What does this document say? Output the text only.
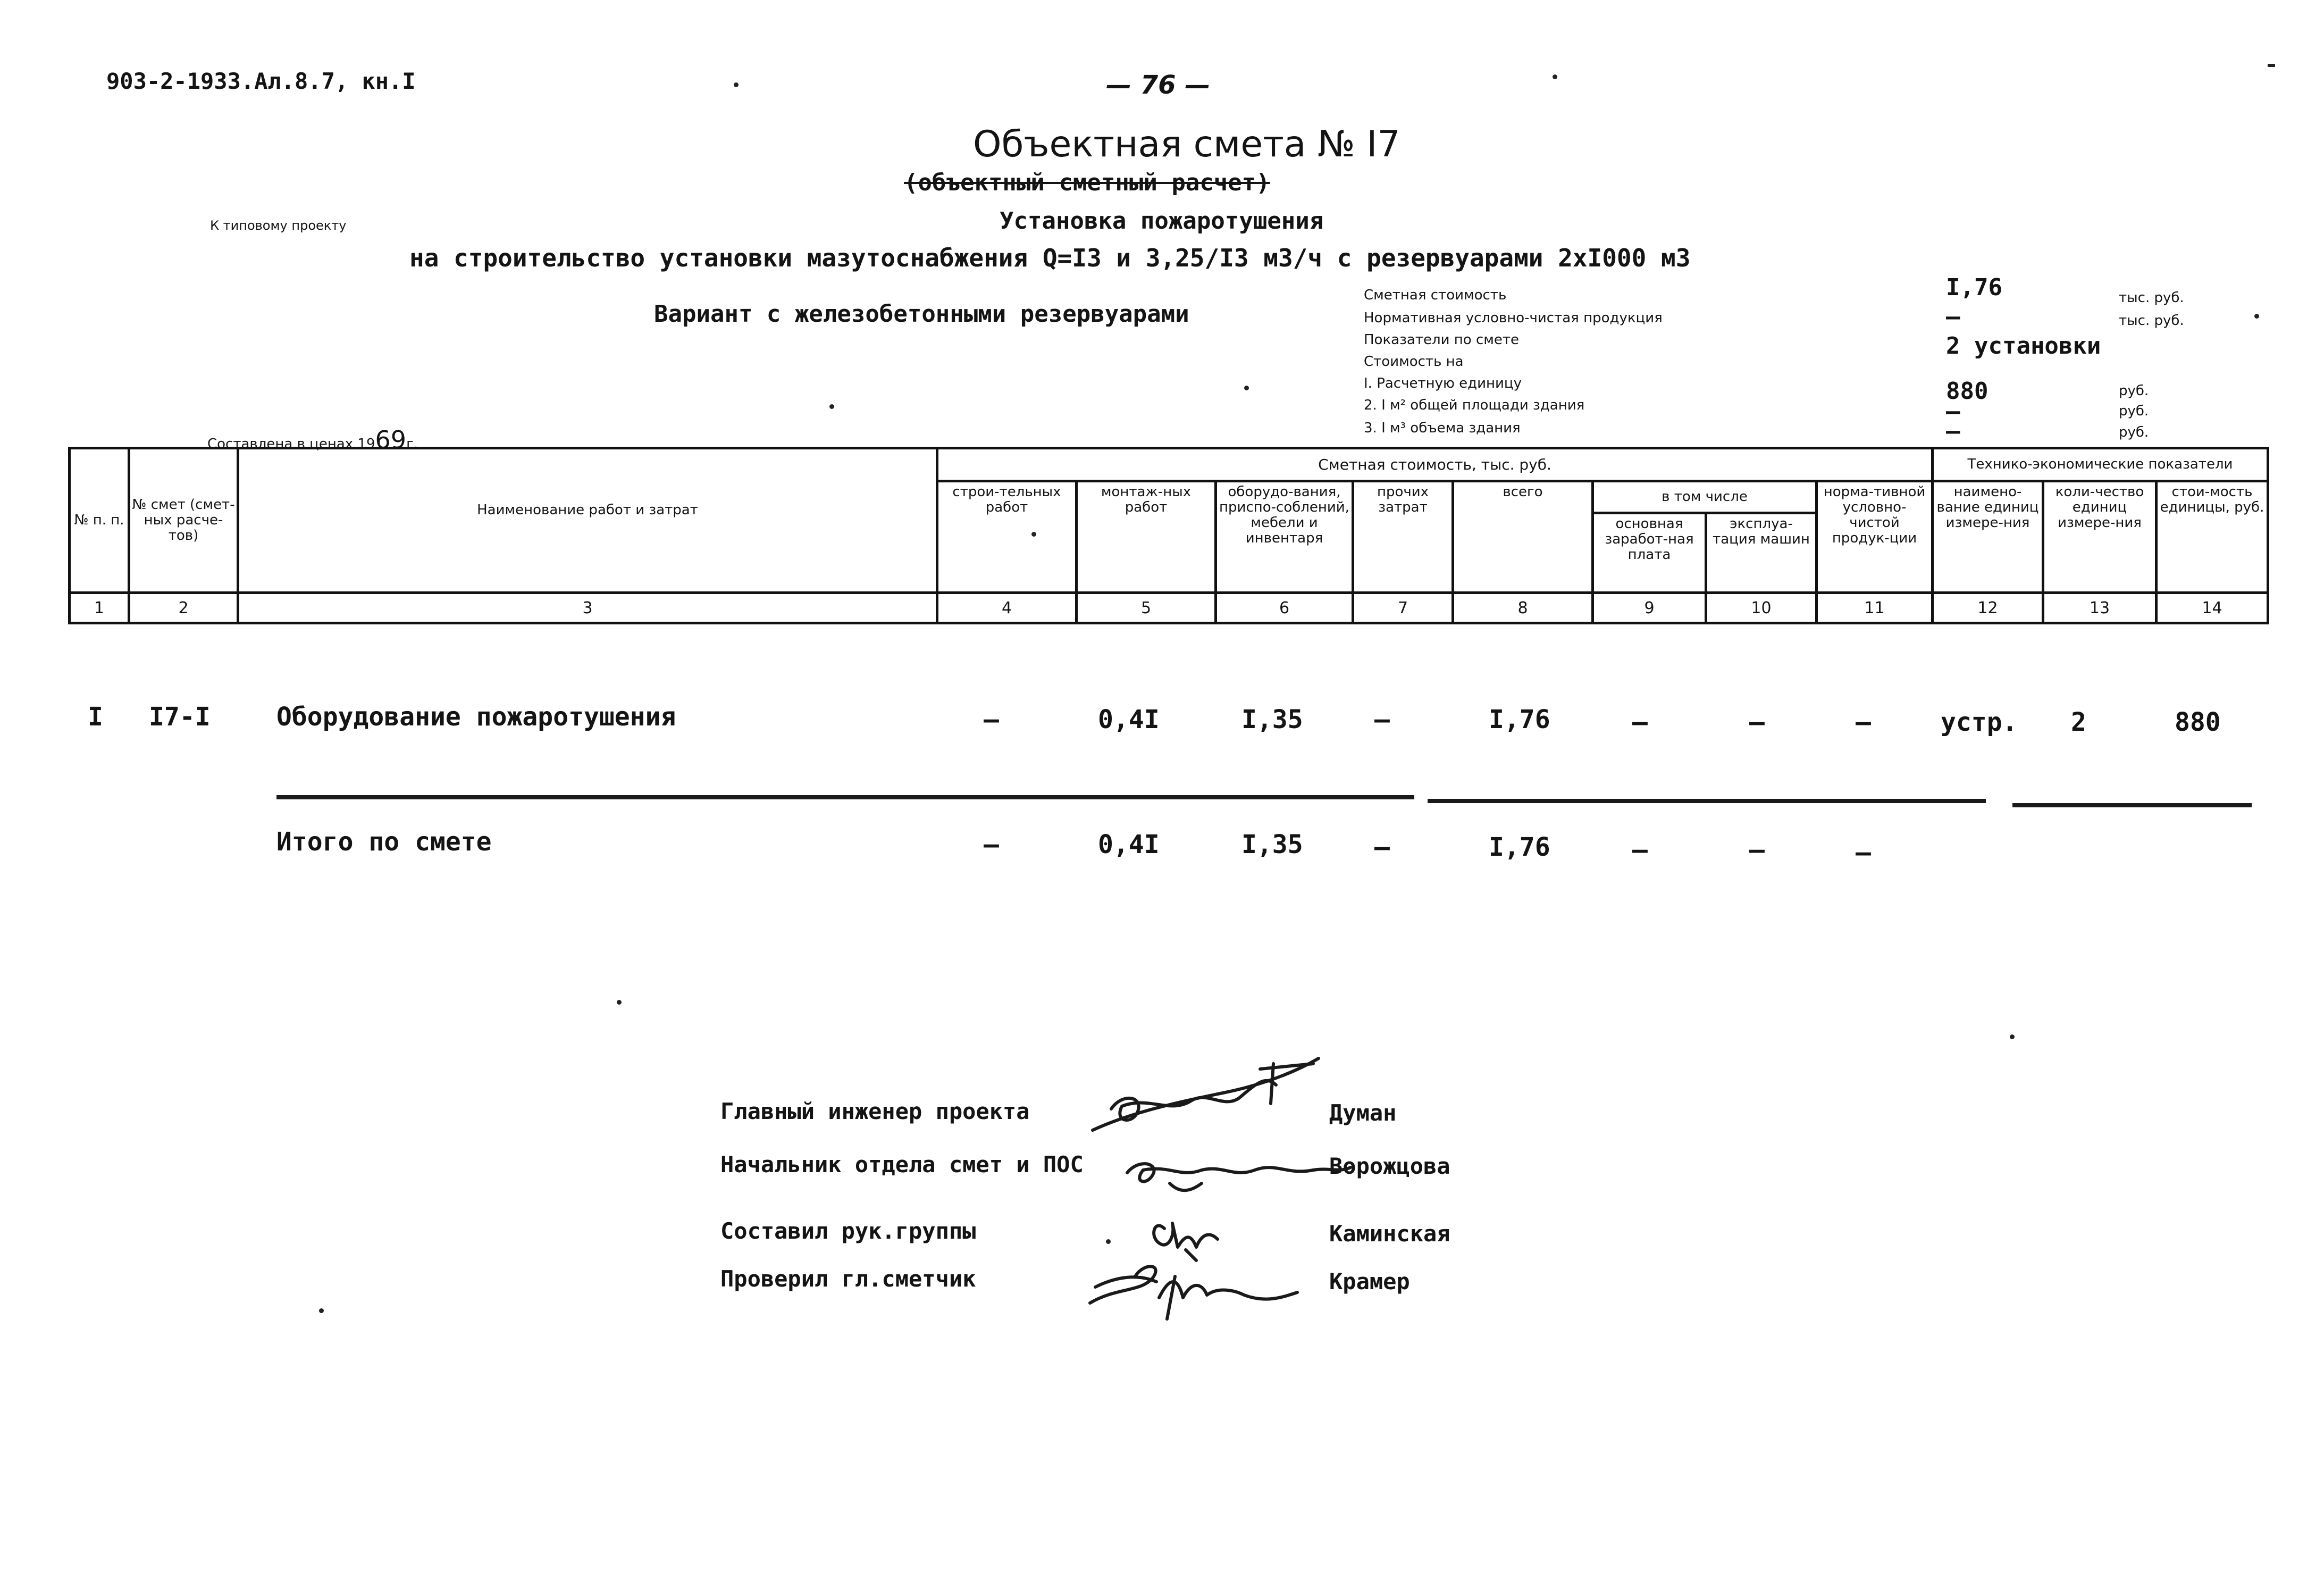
903-2-1933.Ал.8.7, кн.I	— 76 —
Объектная смета № I7
(объектный сметный расчет)
К типовому проекту	Установка пожаротушения
на строительство установки мазутоснабжения Q=I3 и 3,25/I3 м3/ч с резервуарами 2хI000 м3
Вариант с железобетонными резервуарами
Составлена в ценах 1969г.
Сметная стоимость	I,76	тыс. руб.
Нормативная условно-чистая продукция	—	тыс. руб.
Показатели по смете	2 установки
Стоимость на
I. Расчетную единицу	880	руб.
2. I м² общей площади здания	—	руб.
3. I м³ объема здания	—	руб.
№ п. п.	№ смет (смет-ных расче-тов)	Наименование работ и затрат	Сметная стоимость, тыс. руб.								Технико-экономические показатели		
			строи-тельных работ	монтаж-ных работ	оборудо-вания, приспо-соблений, мебели и инвентаря	прочих затрат	всего	в том числе		норма-тивной условно-чистой продук-ции	наимено-вание единиц измере-ния	коли-чество единиц измере-ния	стои-мость единицы, руб.
								основная заработ-ная плата	эксплуа-тация машин				
1	2	3	4	5	6	7	8	9	10	11	12	13	14
I I7-I	Оборудование пожаротушения	—	0,4I	I,35	—	I,76	—	—	—	устр. 2	880
Итого по смете	—	0,4I	I,35	—	I,76	—	—	—
Главный инженер проекта	Думан
Начальник отдела смет и ПОС	Ворожцова
Составил рук.группы	Каминская
Проверил гл.сметчик	Крамер
